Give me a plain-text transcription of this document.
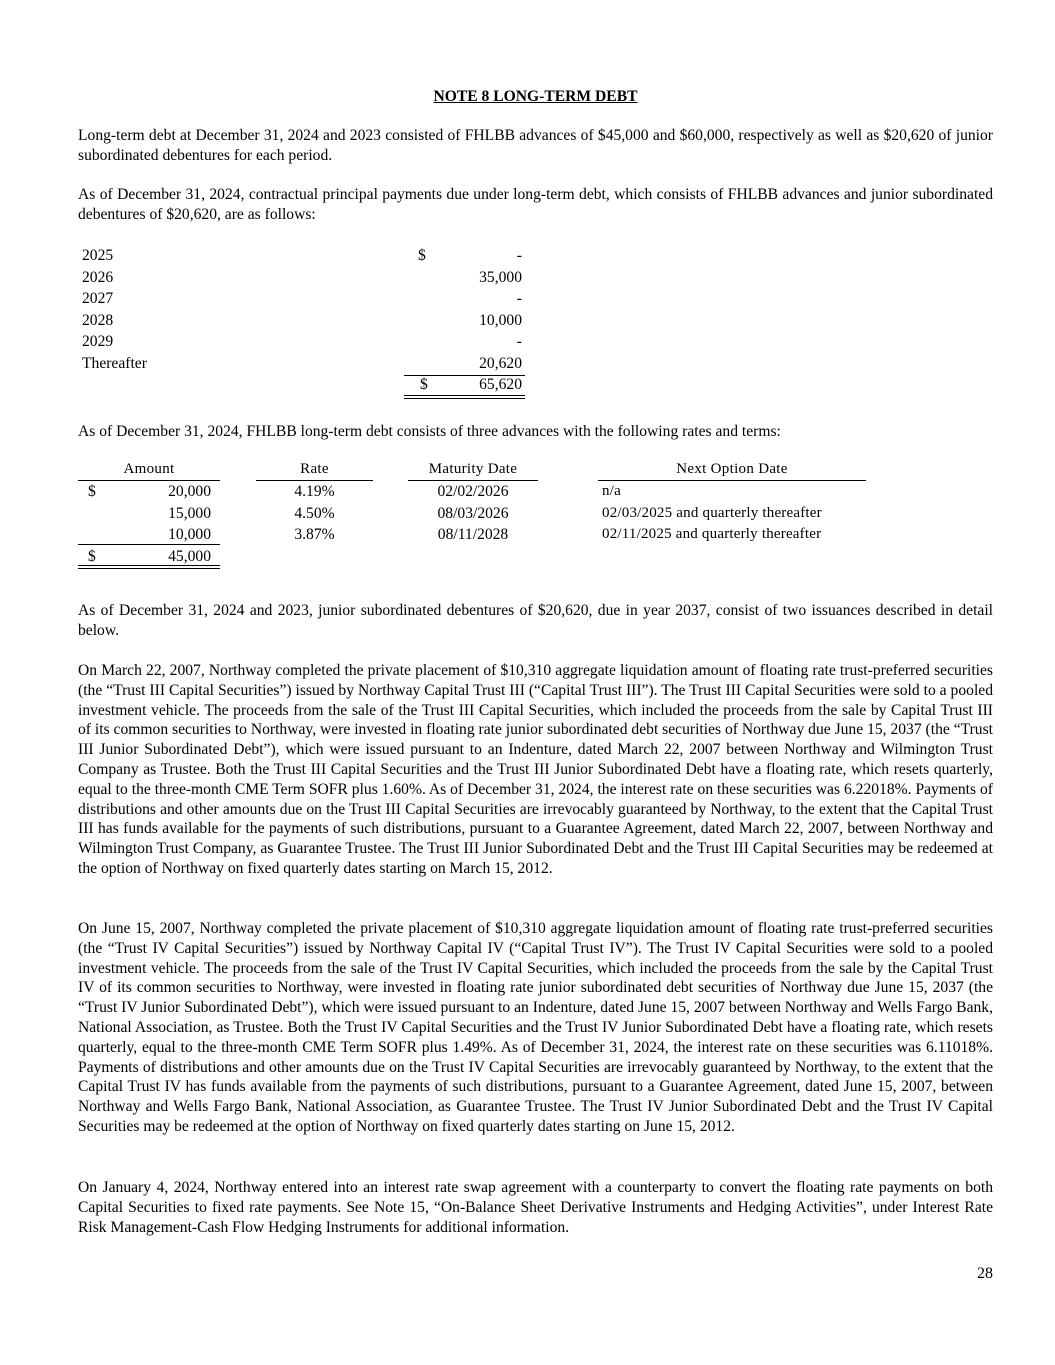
NOTE 8 LONG-TERM DEBT

Long-term debt at December 31, 2024 and 2023 consisted of FHLBB advances of $45,000 and $60,000, respectively as well as $20,620 of junior subordinated debentures for each period.

As of December 31, 2024, contractual principal payments due under long-term debt, which consists of FHLBB advances and junior subordinated debentures of $20,620, are as follows:

2025	$	-
2026	35,000
2027	-
2028	10,000
2029	-
Thereafter	20,620
$	65,620

As of December 31, 2024, FHLBB long-term debt consists of three advances with the following rates and terms:

Amount	Rate	Maturity Date	Next Option Date
$	20,000	4.19%	02/02/2026	n/a
15,000	4.50%	08/03/2026	02/03/2025 and quarterly thereafter
10,000	3.87%	08/11/2028	02/11/2025 and quarterly thereafter
$	45,000

As of December 31, 2024 and 2023, junior subordinated debentures of $20,620, due in year 2037, consist of two issuances described in detail below.

On March 22, 2007, Northway completed the private placement of $10,310 aggregate liquidation amount of floating rate trust-preferred securities (the “Trust III Capital Securities”) issued by Northway Capital Trust III (“Capital Trust III”). The Trust III Capital Securities were sold to a pooled investment vehicle. The proceeds from the sale of the Trust III Capital Securities, which included the proceeds from the sale by Capital Trust III of its common securities to Northway, were invested in floating rate junior subordinated debt securities of Northway due June 15, 2037 (the “Trust III Junior Subordinated Debt”), which were issued pursuant to an Indenture, dated March 22, 2007 between Northway and Wilmington Trust Company as Trustee. Both the Trust III Capital Securities and the Trust III Junior Subordinated Debt have a floating rate, which resets quarterly, equal to the three-month CME Term SOFR plus 1.60%. As of December 31, 2024, the interest rate on these securities was 6.22018%. Payments of distributions and other amounts due on the Trust III Capital Securities are irrevocably guaranteed by Northway, to the extent that the Capital Trust III has funds available for the payments of such distributions, pursuant to a Guarantee Agreement, dated March 22, 2007, between Northway and Wilmington Trust Company, as Guarantee Trustee. The Trust III Junior Subordinated Debt and the Trust III Capital Securities may be redeemed at the option of Northway on fixed quarterly dates starting on March 15, 2012.

On June 15, 2007, Northway completed the private placement of $10,310 aggregate liquidation amount of floating rate trust-preferred securities (the “Trust IV Capital Securities”) issued by Northway Capital IV (“Capital Trust IV”). The Trust IV Capital Securities were sold to a pooled investment vehicle. The proceeds from the sale of the Trust IV Capital Securities, which included the proceeds from the sale by the Capital Trust IV of its common securities to Northway, were invested in floating rate junior subordinated debt securities of Northway due June 15, 2037 (the “Trust IV Junior Subordinated Debt”), which were issued pursuant to an Indenture, dated June 15, 2007 between Northway and Wells Fargo Bank, National Association, as Trustee. Both the Trust IV Capital Securities and the Trust IV Junior Subordinated Debt have a floating rate, which resets quarterly, equal to the three-month CME Term SOFR plus 1.49%. As of December 31, 2024, the interest rate on these securities was 6.11018%. Payments of distributions and other amounts due on the Trust IV Capital Securities are irrevocably guaranteed by Northway, to the extent that the Capital Trust IV has funds available from the payments of such distributions, pursuant to a Guarantee Agreement, dated June 15, 2007, between Northway and Wells Fargo Bank, National Association, as Guarantee Trustee. The Trust IV Junior Subordinated Debt and the Trust IV Capital Securities may be redeemed at the option of Northway on fixed quarterly dates starting on June 15, 2012.

On January 4, 2024, Northway entered into an interest rate swap agreement with a counterparty to convert the floating rate payments on both Capital Securities to fixed rate payments. See Note 15, “On-Balance Sheet Derivative Instruments and Hedging Activities”, under Interest Rate Risk Management-Cash Flow Hedging Instruments for additional information.

28
